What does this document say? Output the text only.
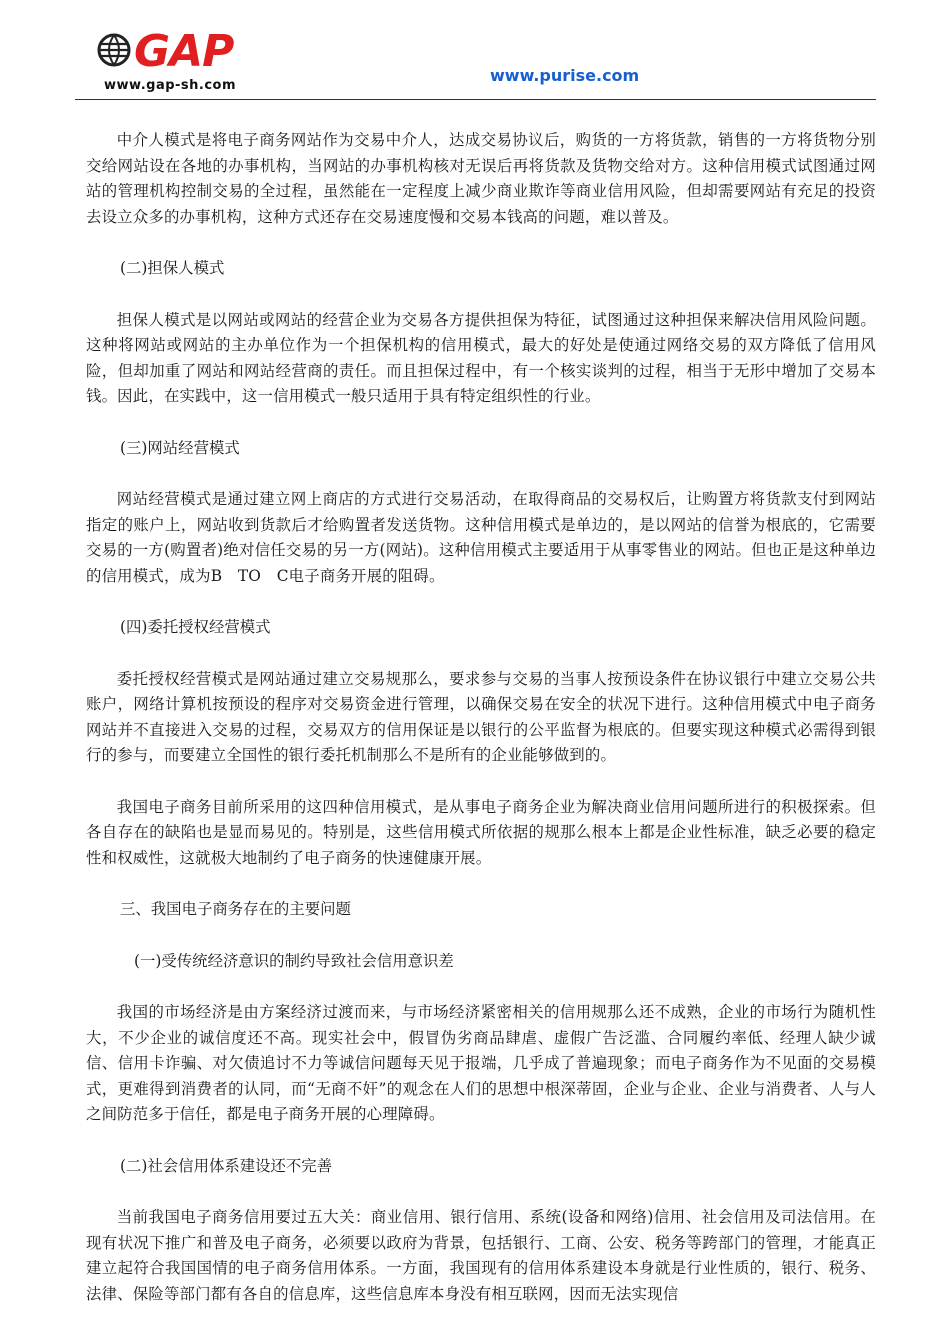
GAP
www.gap-sh.com
www.purise.com

中介人模式是将电子商务网站作为交易中介人，达成交易协议后，购货的一方将货款，销售的一方将货物分别交给网站设在各地的办事机构，当网站的办事机构核对无误后再将货款及货物交给对方。这种信用模式试图通过网站的管理机构控制交易的全过程，虽然能在一定程度上减少商业欺诈等商业信用风险，但却需要网站有充足的投资去设立众多的办事机构，这种方式还存在交易速度慢和交易本钱高的问题，难以普及。

(二)担保人模式

担保人模式是以网站或网站的经营企业为交易各方提供担保为特征，试图通过这种担保来解决信用风险问题。这种将网站或网站的主办单位作为一个担保机构的信用模式，最大的好处是使通过网络交易的双方降低了信用风险，但却加重了网站和网站经营商的责任。而且担保过程中，有一个核实谈判的过程，相当于无形中增加了交易本钱。因此，在实践中，这一信用模式一般只适用于具有特定组织性的行业。

(三)网站经营模式

网站经营模式是通过建立网上商店的方式进行交易活动，在取得商品的交易权后，让购置方将货款支付到网站指定的账户上，网站收到货款后才给购置者发送货物。这种信用模式是单边的，是以网站的信誉为根底的，它需要交易的一方(购置者)绝对信任交易的另一方(网站)。这种信用模式主要适用于从事零售业的网站。但也正是这种单边的信用模式，成为B　TO　C电子商务开展的阻碍。

(四)委托授权经营模式

委托授权经营模式是网站通过建立交易规那么，要求参与交易的当事人按预设条件在协议银行中建立交易公共账户，网络计算机按预设的程序对交易资金进行管理，以确保交易在安全的状况下进行。这种信用模式中电子商务网站并不直接进入交易的过程，交易双方的信用保证是以银行的公平监督为根底的。但要实现这种模式必需得到银行的参与，而要建立全国性的银行委托机制那么不是所有的企业能够做到的。

我国电子商务目前所采用的这四种信用模式，是从事电子商务企业为解决商业信用问题所进行的积极探索。但各自存在的缺陷也是显而易见的。特别是，这些信用模式所依据的规那么根本上都是企业性标准，缺乏必要的稳定性和权威性，这就极大地制约了电子商务的快速健康开展。

三、我国电子商务存在的主要问题

(一)受传统经济意识的制约导致社会信用意识差

我国的市场经济是由方案经济过渡而来，与市场经济紧密相关的信用规那么还不成熟，企业的市场行为随机性大，不少企业的诚信度还不高。现实社会中，假冒伪劣商品肆虐、虚假广告泛滥、合同履约率低、经理人缺少诚信、信用卡诈骗、对欠债追讨不力等诚信问题每天见于报端，几乎成了普遍现象；而电子商务作为不见面的交易模式，更难得到消费者的认同，而“无商不奸”的观念在人们的思想中根深蒂固，企业与企业、企业与消费者、人与人之间防范多于信任，都是电子商务开展的心理障碍。

(二)社会信用体系建设还不完善

当前我国电子商务信用要过五大关：商业信用、银行信用、系统(设备和网络)信用、社会信用及司法信用。在现有状况下推广和普及电子商务，必须要以政府为背景，包括银行、工商、公安、税务等跨部门的管理，才能真正建立起符合我国国情的电子商务信用体系。一方面，我国现有的信用体系建设本身就是行业性质的，银行、税务、法律、保险等部门都有各自的信息库，这些信息库本身没有相互联网，因而无法实现信
